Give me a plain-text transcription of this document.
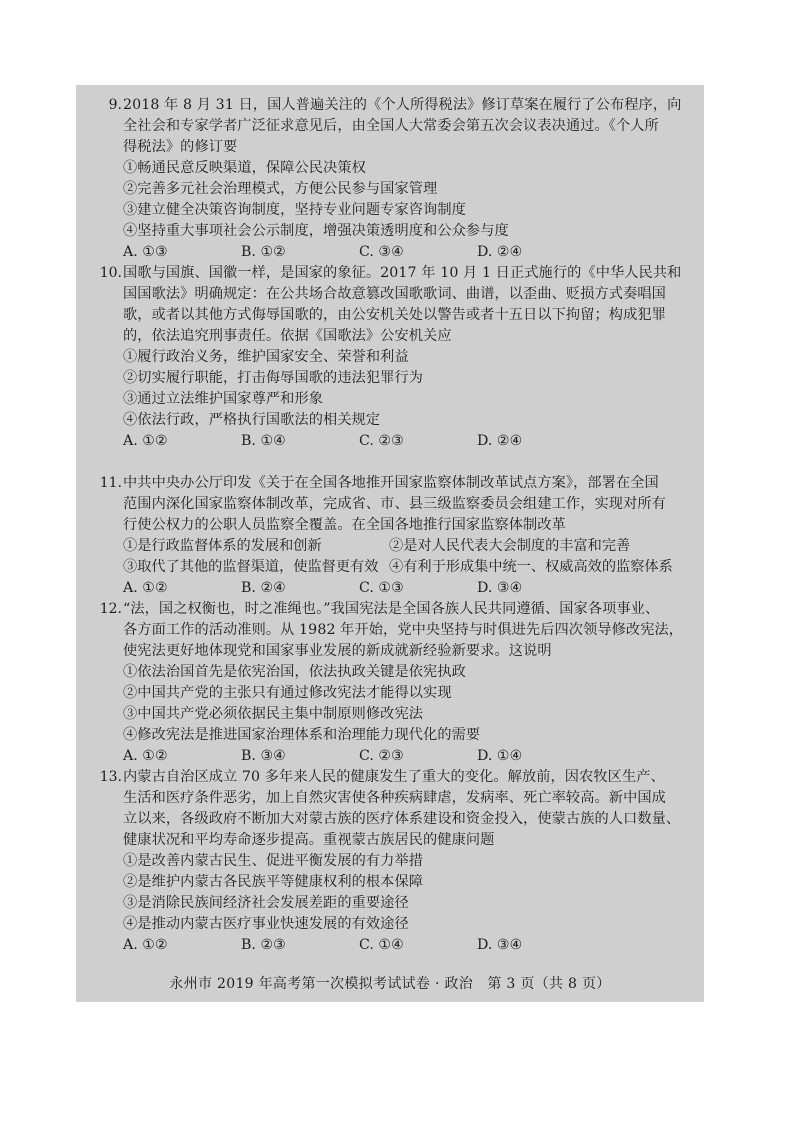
9. 2018 年 8 月 31 日，国人普遍关注的《个人所得税法》修订草案在履行了公布程序，向
全社会和专家学者广泛征求意见后，由全国人大常委会第五次会议表决通过。《个人所
得税法》的修订要
①畅通民意反映渠道，保障公民决策权
②完善多元社会治理模式，方便公民参与国家管理
③建立健全决策咨询制度，坚持专业问题专家咨询制度
④坚持重大事项社会公示制度，增强决策透明度和公众参与度
A. ①③	B. ①②	C. ③④	D. ②④
10. 国歌与国旗、国徽一样，是国家的象征。2017 年 10 月 1 日正式施行的《中华人民共和
国国歌法》明确规定：在公共场合故意篡改国歌歌词、曲谱，以歪曲、贬损方式奏唱国
歌，或者以其他方式侮辱国歌的，由公安机关处以警告或者十五日以下拘留；构成犯罪
的，依法追究刑事责任。依据《国歌法》公安机关应
①履行政治义务，维护国家安全、荣誉和利益
②切实履行职能，打击侮辱国歌的违法犯罪行为
③通过立法维护国家尊严和形象
④依法行政，严格执行国歌法的相关规定
A. ①②	B. ①④	C. ②③	D. ②④
11. 中共中央办公厅印发《关于在全国各地推开国家监察体制改革试点方案》，部署在全国
范围内深化国家监察体制改革，完成省、市、县三级监察委员会组建工作，实现对所有
行使公权力的公职人员监察全覆盖。在全国各地推行国家监察体制改革
①是行政监督体系的发展和创新	②是对人民代表大会制度的丰富和完善
③取代了其他的监督渠道，使监督更有效 ④有利于形成集中统一、权威高效的监察体系
A. ①②	B. ②④	C. ①③	D. ③④
12. “法，国之权衡也，时之准绳也。”我国宪法是全国各族人民共同遵循、国家各项事业、
各方面工作的活动准则。从 1982 年开始，党中央坚持与时俱进先后四次领导修改宪法，
使宪法更好地体现党和国家事业发展的新成就新经验新要求。这说明
①依法治国首先是依宪治国，依法执政关键是依宪执政
②中国共产党的主张只有通过修改宪法才能得以实现
③中国共产党必须依据民主集中制原则修改宪法
④修改宪法是推进国家治理体系和治理能力现代化的需要
A. ①②	B. ③④	C. ②③	D. ①④
13. 内蒙古自治区成立 70 多年来人民的健康发生了重大的变化。解放前，因农牧区生产、
生活和医疗条件恶劣，加上自然灾害使各种疾病肆虐，发病率、死亡率较高。新中国成
立以来，各级政府不断加大对蒙古族的医疗体系建设和资金投入，使蒙古族的人口数量、
健康状况和平均寿命逐步提高。重视蒙古族居民的健康问题
①是改善内蒙古民生、促进平衡发展的有力举措
②是维护内蒙古各民族平等健康权利的根本保障
③是消除民族间经济社会发展差距的重要途径
④是推动内蒙古医疗事业快速发展的有效途径
A. ①②	B. ②③	C. ①④	D. ③④
永州市 2019 年高考第一次模拟考试试卷 · 政治　第 3 页（共 8 页）
